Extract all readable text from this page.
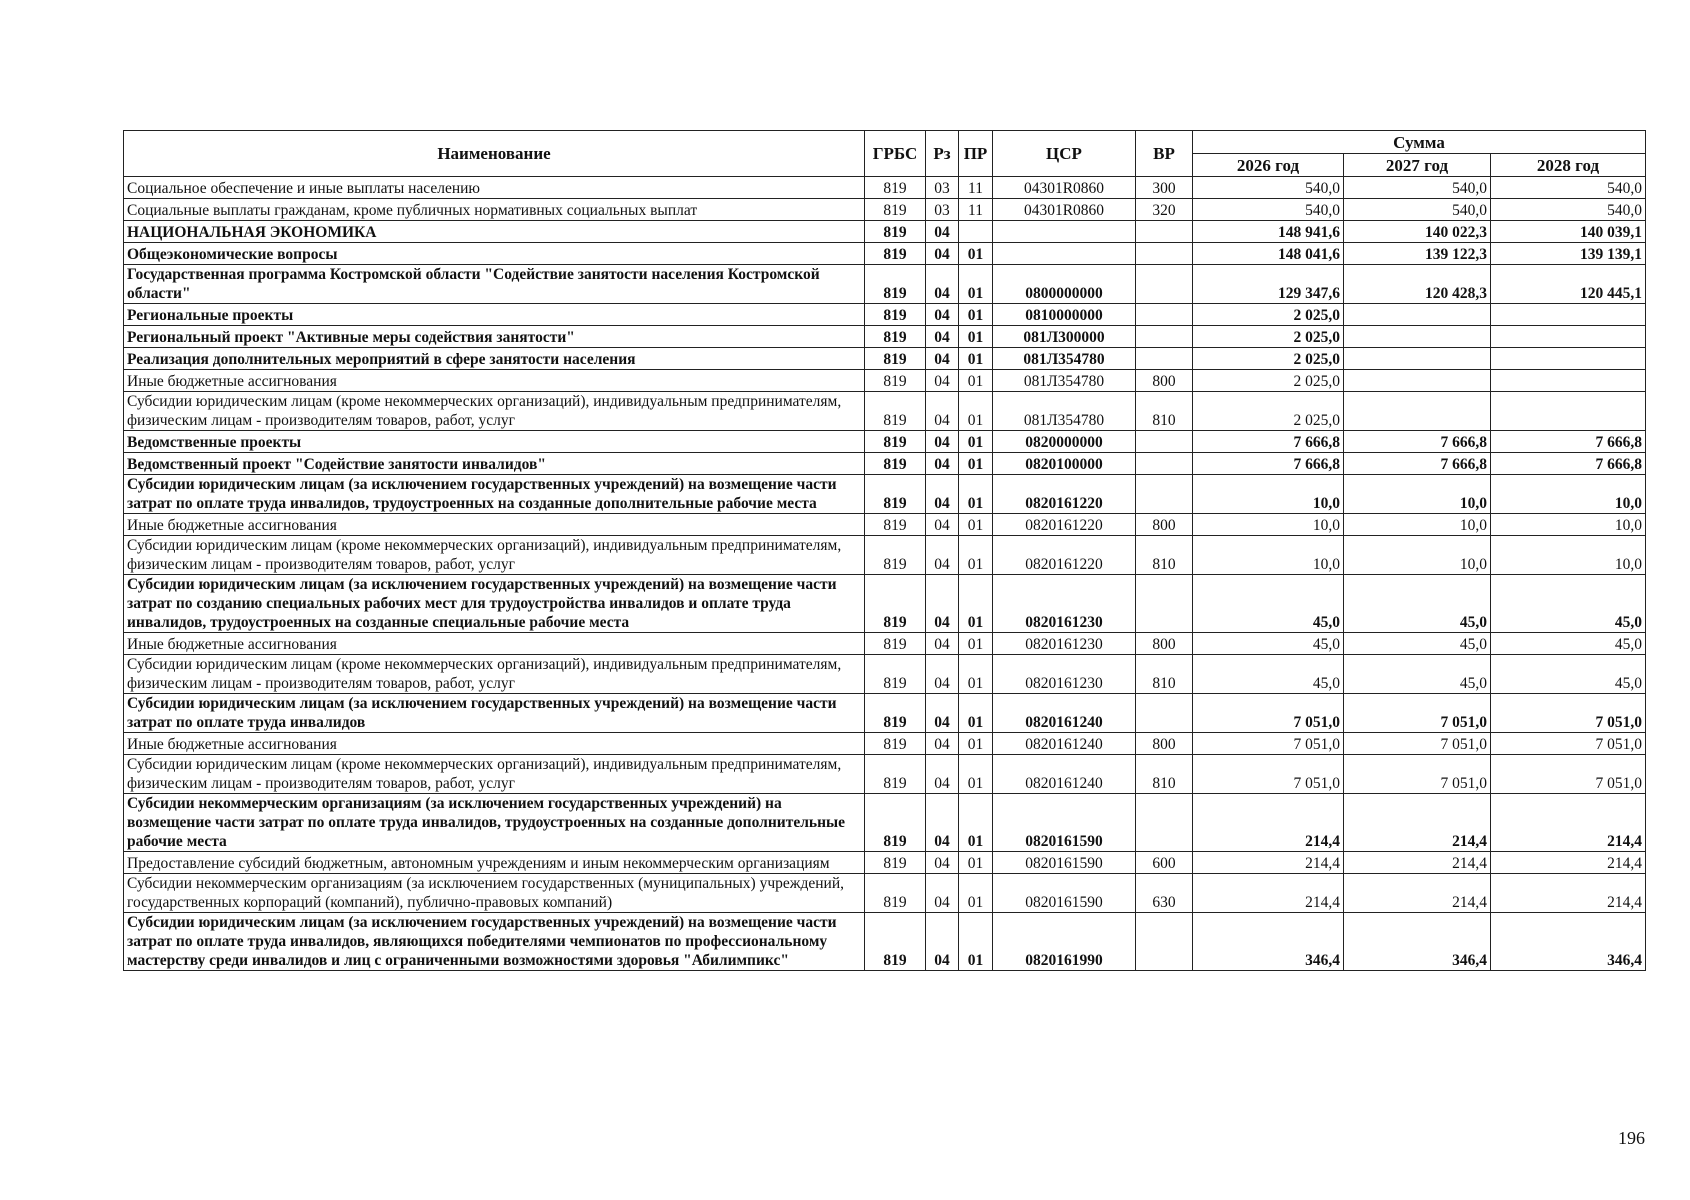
Наименование	ГРБС	Рз	ПР	ЦСР	ВР	Сумма		
						2026 год	2027 год	2028 год
Социальное обеспечение и иные выплаты населению	819	03	11	04301R0860	300	540,0	540,0	540,0
Социальные выплаты гражданам, кроме публичных нормативных социальных выплат	819	03	11	04301R0860	320	540,0	540,0	540,0
НАЦИОНАЛЬНАЯ ЭКОНОМИКА	819	04				148 941,6	140 022,3	140 039,1
Общеэкономические вопросы	819	04	01			148 041,6	139 122,3	139 139,1
Государственная программа Костромской области "Содействие занятости населения Костромской области"	819	04	01	0800000000		129 347,6	120 428,3	120 445,1
Региональные проекты	819	04	01	0810000000		2 025,0		
Региональный проект "Активные меры содействия занятости"	819	04	01	081Л300000		2 025,0		
Реализация дополнительных мероприятий в сфере занятости населения	819	04	01	081Л354780		2 025,0		
Иные бюджетные ассигнования	819	04	01	081Л354780	800	2 025,0		
Субсидии юридическим лицам (кроме некоммерческих организаций), индивидуальным предпринимателям, физическим лицам - производителям товаров, работ, услуг	819	04	01	081Л354780	810	2 025,0		
Ведомственные проекты	819	04	01	0820000000		7 666,8	7 666,8	7 666,8
Ведомственный проект "Содействие занятости инвалидов"	819	04	01	0820100000		7 666,8	7 666,8	7 666,8
Субсидии юридическим лицам (за исключением государственных учреждений) на возмещение части затрат по оплате труда инвалидов, трудоустроенных на созданные дополнительные рабочие места	819	04	01	0820161220		10,0	10,0	10,0
Иные бюджетные ассигнования	819	04	01	0820161220	800	10,0	10,0	10,0
Субсидии юридическим лицам (кроме некоммерческих организаций), индивидуальным предпринимателям, физическим лицам - производителям товаров, работ, услуг	819	04	01	0820161220	810	10,0	10,0	10,0
Субсидии юридическим лицам (за исключением государственных учреждений) на возмещение части затрат по созданию специальных рабочих мест для трудоустройства инвалидов и оплате труда инвалидов, трудоустроенных на созданные специальные рабочие места	819	04	01	0820161230		45,0	45,0	45,0
Иные бюджетные ассигнования	819	04	01	0820161230	800	45,0	45,0	45,0
Субсидии юридическим лицам (кроме некоммерческих организаций), индивидуальным предпринимателям, физическим лицам - производителям товаров, работ, услуг	819	04	01	0820161230	810	45,0	45,0	45,0
Субсидии юридическим лицам (за исключением государственных учреждений) на возмещение части затрат по оплате труда инвалидов	819	04	01	0820161240		7 051,0	7 051,0	7 051,0
Иные бюджетные ассигнования	819	04	01	0820161240	800	7 051,0	7 051,0	7 051,0
Субсидии юридическим лицам (кроме некоммерческих организаций), индивидуальным предпринимателям, физическим лицам - производителям товаров, работ, услуг	819	04	01	0820161240	810	7 051,0	7 051,0	7 051,0
Субсидии некоммерческим организациям (за исключением государственных учреждений) на возмещение части затрат по оплате труда инвалидов, трудоустроенных на созданные дополнительные рабочие места	819	04	01	0820161590		214,4	214,4	214,4
Предоставление субсидий бюджетным, автономным учреждениям и иным некоммерческим организациям	819	04	01	0820161590	600	214,4	214,4	214,4
Субсидии некоммерческим организациям (за исключением государственных (муниципальных) учреждений, государственных корпораций (компаний), публично-правовых компаний)	819	04	01	0820161590	630	214,4	214,4	214,4
Субсидии юридическим лицам (за исключением государственных учреждений) на возмещение части затрат по оплате труда инвалидов, являющихся победителями чемпионатов по профессиональному мастерству среди инвалидов и лиц с ограниченными возможностями здоровья "Абилимпикс"	819	04	01	0820161990		346,4	346,4	346,4
196
